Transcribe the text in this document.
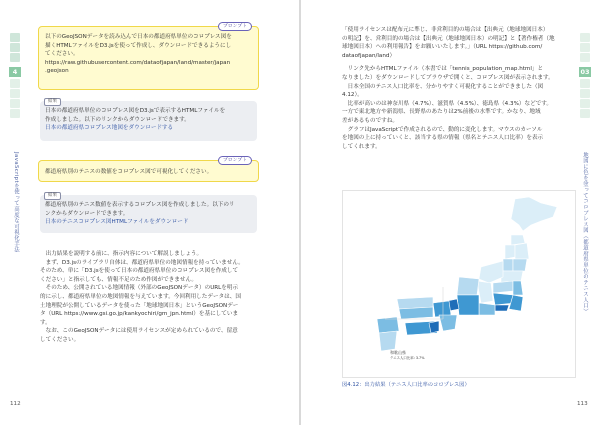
4
JavaScriptを使って高度な可視化手法
プロンプト
以下のGeoJSONデータを読み込んで日本の都道府県単位のコロプレス図を
描くHTMLファイルをD3.jsを使って作成し、ダウンロードできるようにし
てください。
https://raw.githubusercontent.com/dataofjapan/land/master/japan
.geojson
結果
日本の都道府県単位のコロプレス図をD3.jsで表示するHTMLファイルを
作成しました。以下のリンクからダウンロードできます。
日本の都道府県コロプレス地図をダウンロードする
プロンプト
都道府県別のテニスの数値をコロプレス図で可視化してください。
結果
都道府県別のテニス数値を表示するコロプレス図を作成しました。以下のリ
ンクからダウンロードできます。
日本のテニスコロプレス図HTMLファイルをダウンロード

出力結果を説明する前に、指示内容について解説しましょう。

まず、D3.jsのライブラリ自体は、都道府県単位の地図情報を持っていません。
そのため、単に「D3.jsを使って日本の都道府県単位のコロプレス図を作成して
ください」と指示しても、情報不足のため作図ができません。

そのため、公開されている地図情報（外部のGeoJSONデータ）のURLを明示
的に示し、都道府県単位の地図情報を与えています。今回利用したデータは、国
土地理院が公開しているデータを使った「地球地図日本」というGeoJSONデー
タ（URL https://www.gsi.go.jp/kankyochiri/gm_jpn.html）を基にしていま
す。

なお、このGeoJSONデータには使用ライセンスが定められているので、留意
してください。

112
03
地図に色を塗ってコロプレス図（都道府県単位のテニス人口）
「使用ライセンスは配布元に準じ、非営利目的の場合は【出典元（地球地図日本）
の明記】を、営利目的の場合は【出典元（地球地図日本）の明記】と【著作権者（地
球地図日本）への利用報告】をお願いいたします。」（URL https://github.com/
dataofjapan/land）

リンク先からHTMLファイル（本書では「tennis_population_map.html」と
なりました）をダウンロードしてブラウザで開くと、コロプレス図が表示されます。

日本全国のテニス人口比率を、分かりやすく可視化することができました（図
4.12）。

比率が高いのは神奈川県（4.7%）、滋賀県（4.5%）、徳島県（4.3%）などです。
一方で東北地方や新潟県、長野県のあたりは2%前後の水準です。かなり、地域
差があるものですね。

グラフはJavaScriptで作成されるので、動的に変化します。マウスのカーソル
を地図の上に持っていくと、該当する県の情報（県名とテニス人口比率）を表示
してくれます。

和歌山県
テニス人口比率: 3.7%
図4.12：出力結果（テニス人口比率のコロプレス図）
113
